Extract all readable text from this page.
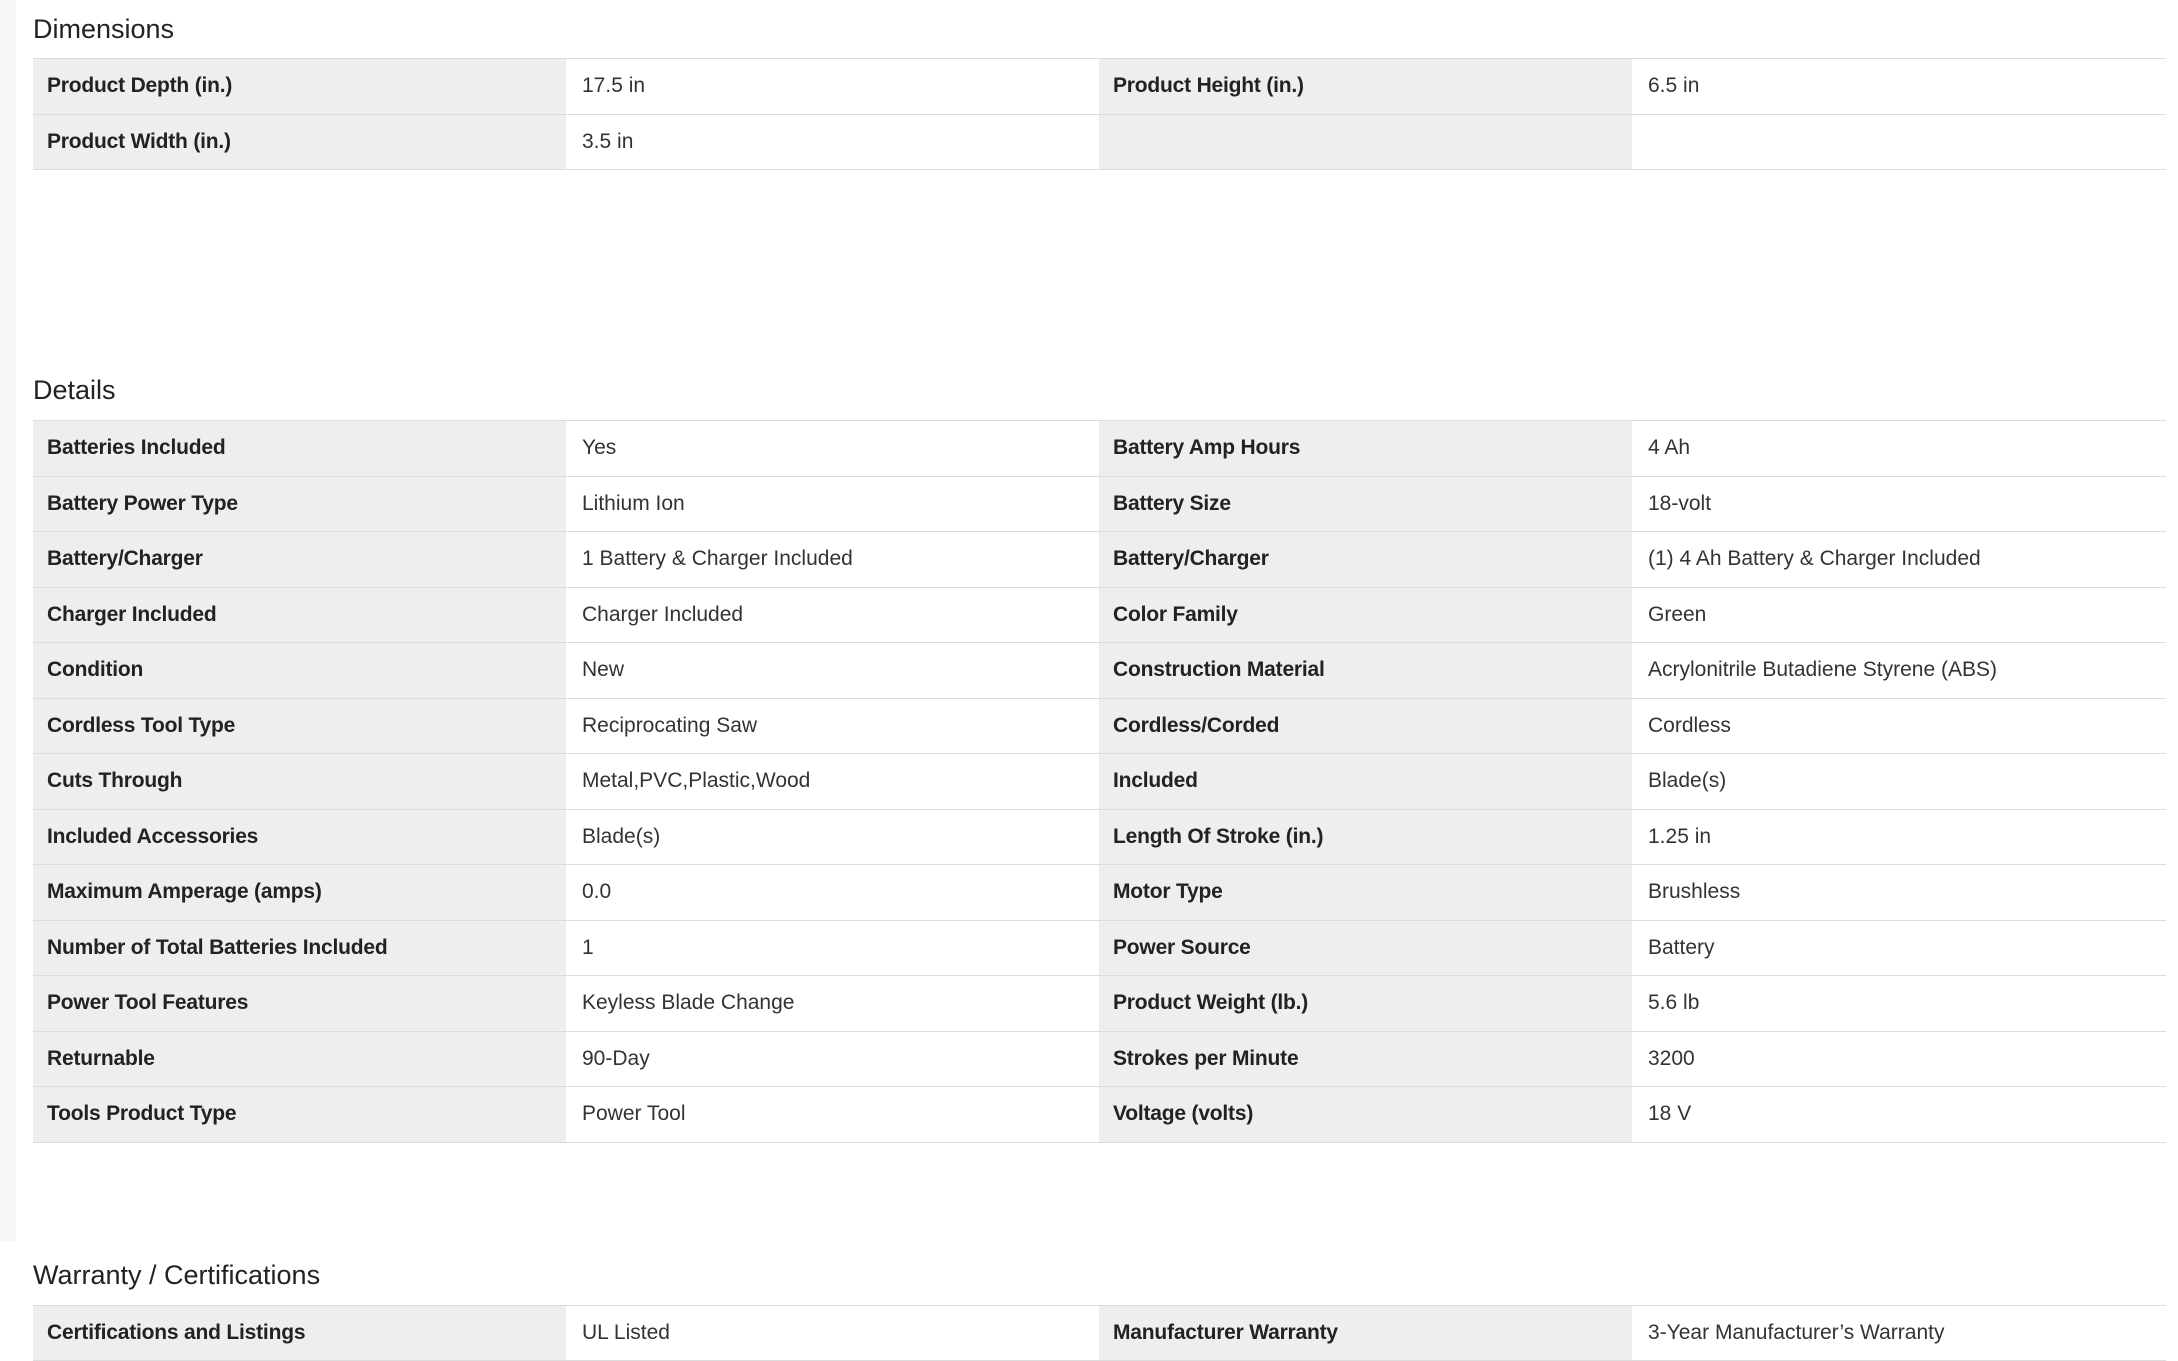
Dimensions
Product Depth (in.)	17.5 in	Product Height (in.)	6.5 in
Product Width (in.)	3.5 in
Details
Batteries Included	Yes	Battery Amp Hours	4 Ah
Battery Power Type	Lithium Ion	Battery Size	18-volt
Battery/Charger	1 Battery & Charger Included	Battery/Charger	(1) 4 Ah Battery & Charger Included
Charger Included	Charger Included	Color Family	Green
Condition	New	Construction Material	Acrylonitrile Butadiene Styrene (ABS)
Cordless Tool Type	Reciprocating Saw	Cordless/Corded	Cordless
Cuts Through	Metal,PVC,Plastic,Wood	Included	Blade(s)
Included Accessories	Blade(s)	Length Of Stroke (in.)	1.25 in
Maximum Amperage (amps)	0.0	Motor Type	Brushless
Number of Total Batteries Included	1	Power Source	Battery
Power Tool Features	Keyless Blade Change	Product Weight (lb.)	5.6 lb
Returnable	90-Day	Strokes per Minute	3200
Tools Product Type	Power Tool	Voltage (volts)	18 V
Warranty / Certifications
Certifications and Listings	UL Listed	Manufacturer Warranty	3-Year Manufacturer’s Warranty
